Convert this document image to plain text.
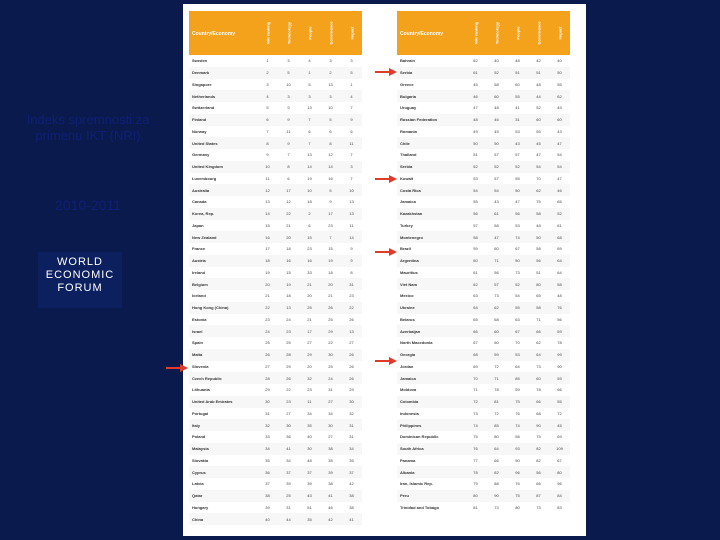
Indeks spremnosti za primenu IKT (NRI)
2010-2011
WORLD
ECONOMIC
FORUM
Country/Economy	NRI ranking	Technology	People	Governance	Impact
Sweden	1	3	4	3	3
Denmark	2	5	1	2	5
Singapore	3	10	5	13	1
Netherlands	4	3	3	3	4
Switzerland	5	9	13	10	7
Finland	6	9	7	5	9
Norway	7	11	6	6	6
United States	8	9	7	8	11
Germany	9	7	13	12	7
United Kingdom	10	8	14	14	3
Luxembourg	11	6	19	16	7
Australia	12	17	10	5	10
Canada	13	12	18	9	13
Korea, Rep.	14	22	2	17	13
Japan	15	21	6	23	11
New Zealand	16	20	15	7	14
France	17	18	23	15	9
Austria	18	16	16	19	9
Ireland	19	15	33	18	8
Belgium	20	19	21	20	31
Iceland	21	18	20	21	23
Hong Kong (China)	22	13	25	26	22
Estonia	23	24	21	25	26
Israel	24	23	17	29	13
Spain	25	25	27	22	27
Malta	26	28	29	30	26
Slovenia	27	29	20	25	26
Czech Republic	28	26	32	24	26
Lithuania	29	22	23	31	29
United Arab Emirates	30	23	11	27	30
Portugal	31	27	34	34	32
Italy	32	30	35	30	31
Poland	33	36	40	27	31
Malaysia	34	41	30	38	34
Slovakia	35	34	48	35	35
Cyprus	36	37	37	39	37
Latvia	37	39	39	38	42
Qatar	38	25	43	41	38
Hungary	39	31	51	46	38
China	40	44	35	42	41
Country/Economy	NRI ranking	Technology	People	Governance	Impact
Bahrain	62	40	48	42	40
Serbia	61	52	51	51	50
Greece	45	58	60	48	55
Bulgaria	46	60	55	44	62
Uruguay	47	48	41	52	49
Russian Federation	48	46	31	60	60
Romania	49	45	53	55	43
Chile	50	50	43	45	47
Thailand	51	57	57	47	54
Serbia	52	52	52	54	54
Kuwait	53	57	55	70	47
Costa Rica	54	54	50	62	46
Jamaica	55	43	47	75	65
Kazakhstan	56	61	56	58	52
Turkey	57	58	53	48	61
Montenegro	58	47	74	50	68
Brazil	59	60	67	58	69
Argentina	60	71	50	56	64
Mauritius	61	56	73	51	64
Viet Nam	62	57	52	80	58
Mexico	63	73	54	65	48
Ukraine	64	62	55	58	76
Belarus	65	68	63	71	56
Azerbaijan	66	60	67	66	59
North Macedonia	67	60	70	62	78
Georgia	68	59	53	64	99
Jordan	69	72	64	73	90
Jamaica	70	71	85	60	59
Moldova	71	78	59	78	66
Colombia	72	81	75	66	55
Indonesia	73	72	76	68	72
Philippines	74	85	74	90	45
Dominican Republic	75	80	58	75	69
South Africa	76	64	93	82	109
Panama	77	66	90	82	67
Albania	78	82	96	56	80
Iran, Islamic Rep.	79	88	76	66	96
Peru	80	90	75	87	84
Trinidad and Tobago	81	73	80	73	83
